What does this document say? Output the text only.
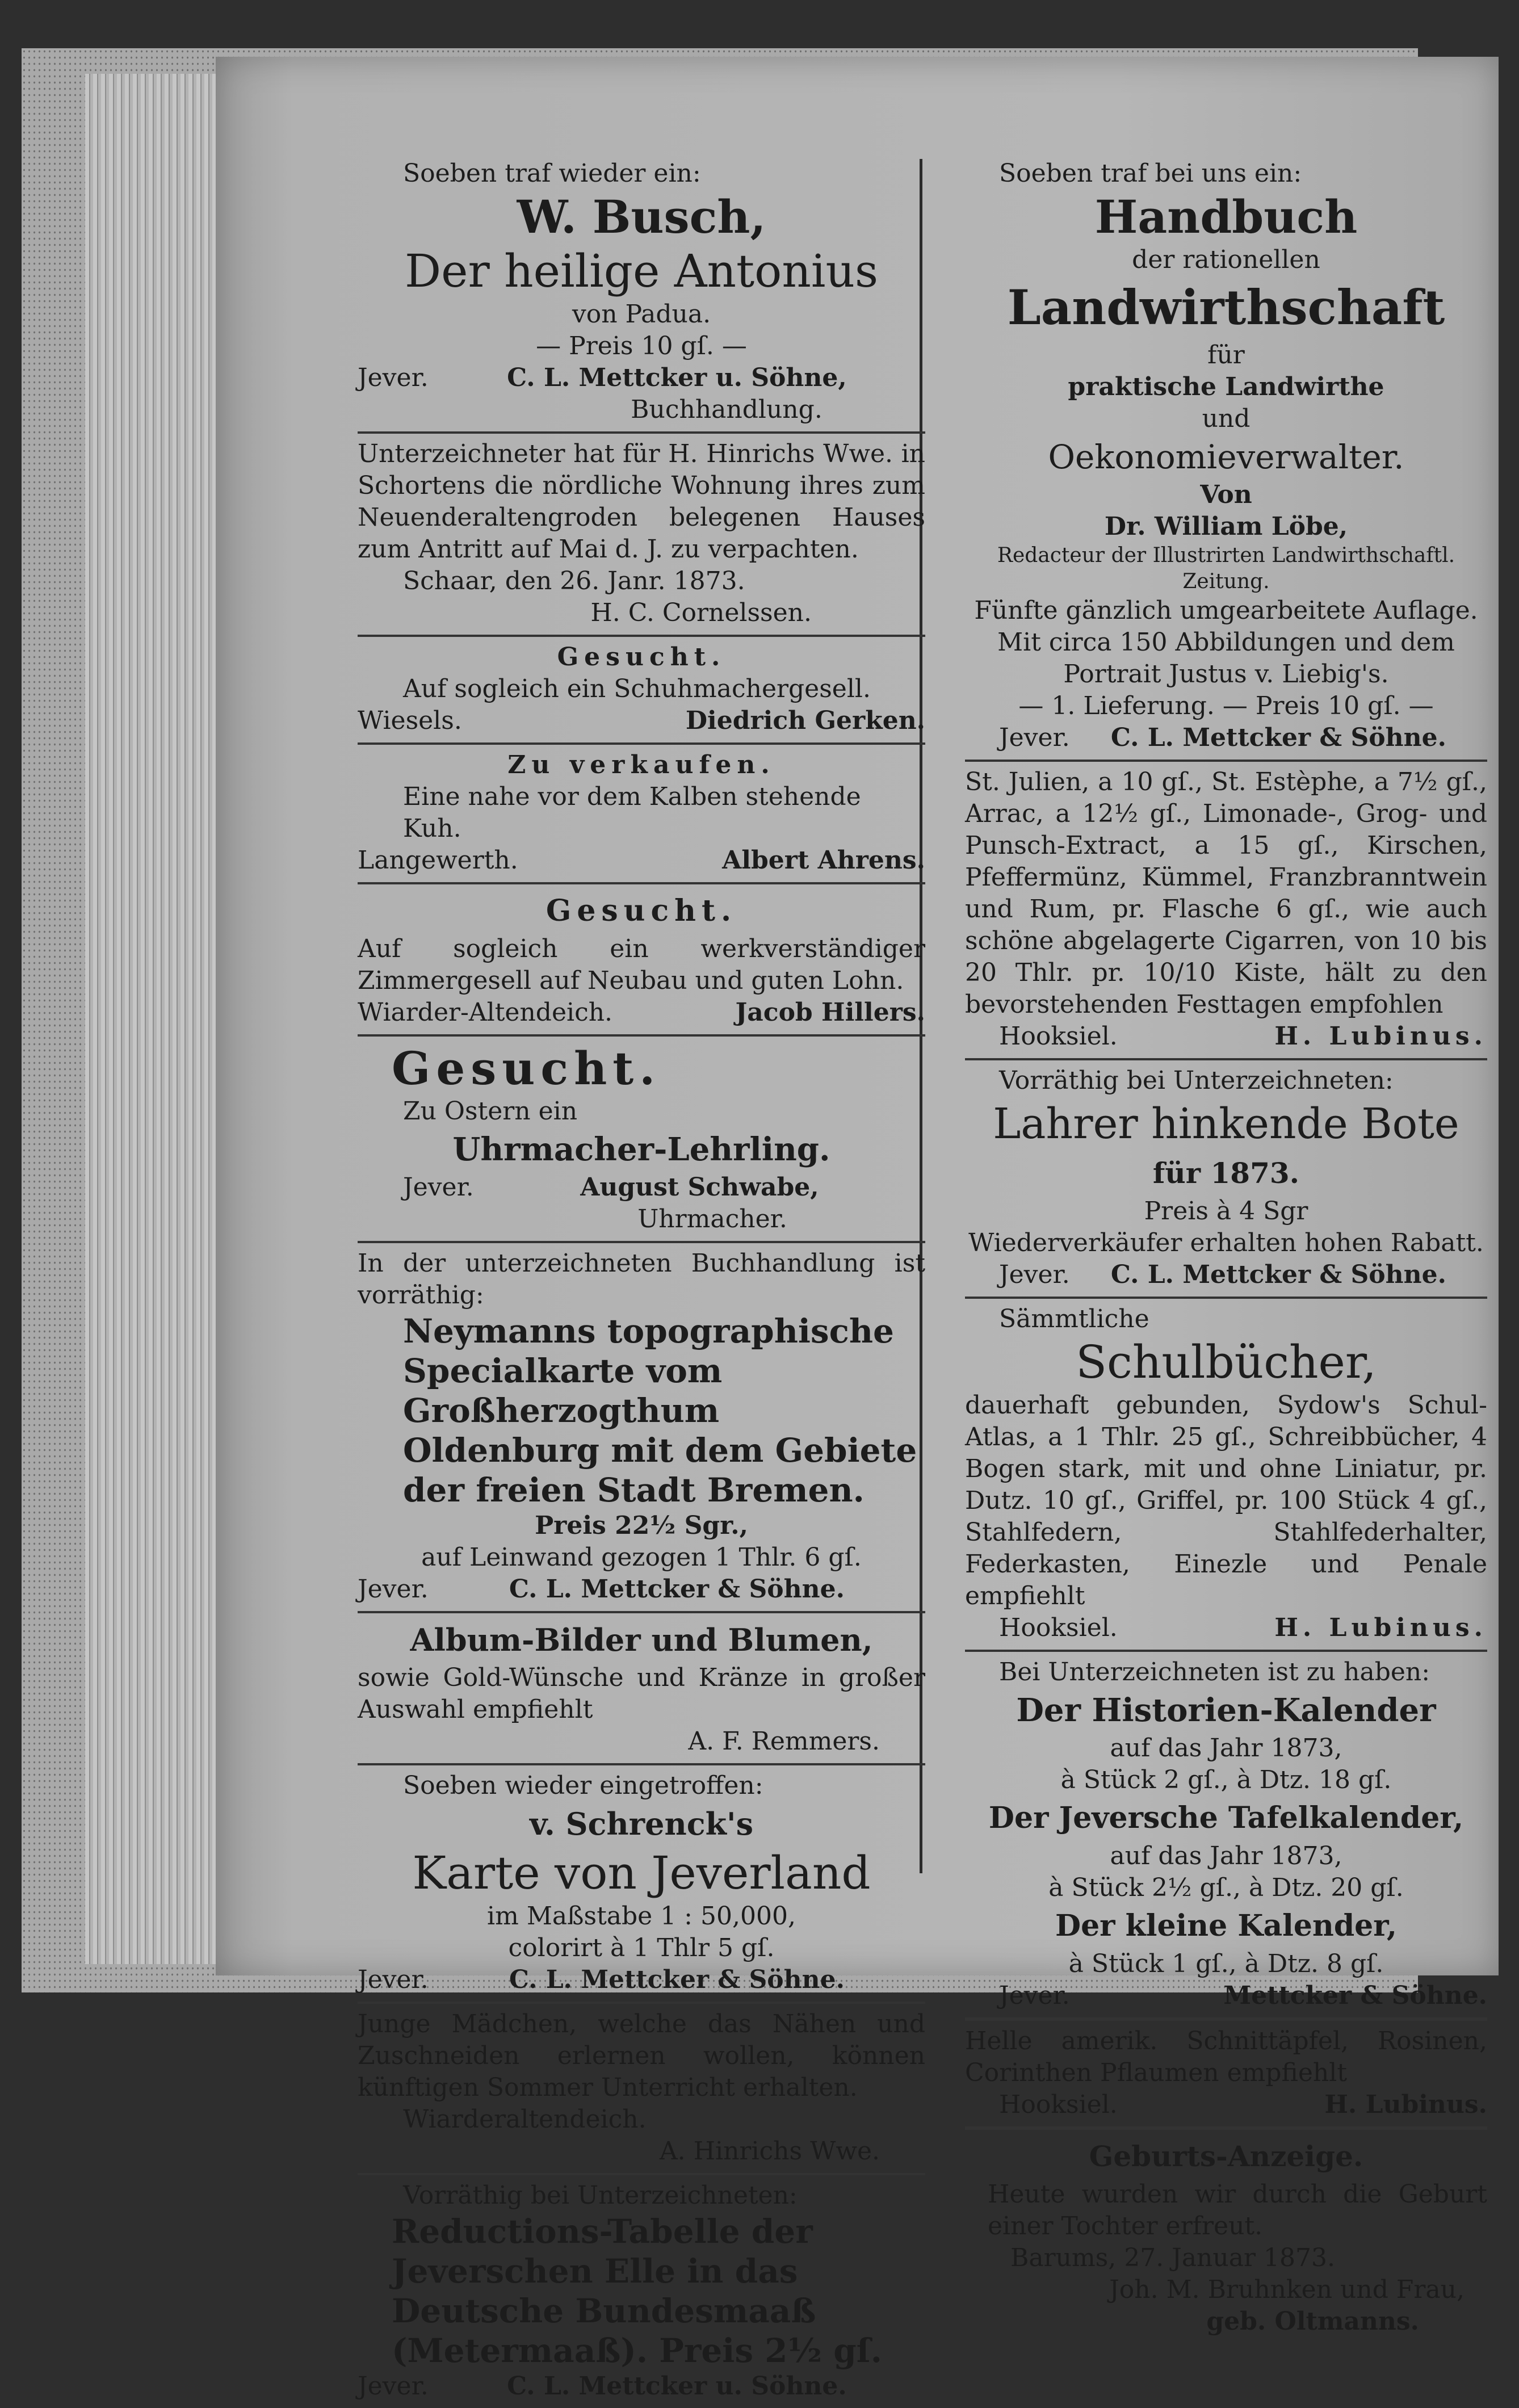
Soeben traf wieder ein:
W. Busch,
Der heilige Antonius
von Padua.
— Preis 10 gſ. —
Jever.	C. L. Mettcker u. Söhne,
Buchhandlung.
Unterzeichneter hat für H. Hinrichs Wwe. in Schortens die nördliche Wohnung ihres zum Neuenderaltengroden belegenen Hauses zum Antritt auf Mai d. J. zu verpachten.
Schaar, den 26. Janr. 1873.
H. C. Cornelssen.
Gesucht.
Auf sogleich ein Schuhmachergesell.
Wiesels.	Diedrich Gerken.
Zu verkaufen.
Eine nahe vor dem Kalben stehende Kuh.
Langewerth.	Albert Ahrens.
Gesucht.
Auf sogleich ein werkverständiger Zimmergesell auf Neubau und guten Lohn.
Wiarder-Altendeich.	Jacob Hillers.
Gesucht.
Zu Ostern ein
Uhrmacher-Lehrling.
Jever.	August Schwabe,
Uhrmacher.
In der unterzeichneten Buchhandlung ist vorräthig:
Neymanns topographische Specialkarte vom Großherzogthum Oldenburg mit dem Gebiete der freien Stadt Bremen.
Preis 22½ Sgr.,
auf Leinwand gezogen 1 Thlr. 6 gſ.
Jever.	C. L. Mettcker & Söhne.
Album-Bilder und Blumen,
sowie Gold-Wünsche und Kränze in großer Auswahl empfiehlt
A. F. Remmers.
Soeben wieder eingetroffen:
v. Schrenck's
Karte von Jeverland
im Maßstabe 1 : 50,000,
colorirt à 1 Thlr 5 gſ.
Jever.	C. L. Mettcker & Söhne.
Junge Mädchen, welche das Nähen und Zuschneiden erlernen wollen, können künftigen Sommer Unterricht erhalten.
Wiarderaltendeich.
A. Hinrichs Wwe.
Vorräthig bei Unterzeichneten:
Reductions-Tabelle der Jeverschen Elle in das Deutsche Bundesmaaß (Metermaaß). Preis 2½ gſ.
Jever.	C. L. Mettcker u. Söhne.
Soeben traf bei uns ein:
Handbuch
der rationellen
Landwirthschaft
für
praktische Landwirthe
und
Oekonomieverwalter.
Von
Dr. William Löbe,
Redacteur der Illustrirten Landwirthschaftl. Zeitung.
Fünfte gänzlich umgearbeitete Auflage.
Mit circa 150 Abbildungen und dem
Portrait Justus v. Liebig's.
— 1. Lieferung. — Preis 10 gſ. —
Jever.	C. L. Mettcker & Söhne.
St. Julien, a 10 gſ., St. Estèphe, a 7½ gſ., Arrac, a 12½ gſ., Limonade-, Grog- und Punsch-Extract, a 15 gſ., Kirschen, Pfeffermünz, Kümmel, Franzbranntwein und Rum, pr. Flasche 6 gſ., wie auch schöne abgelagerte Cigarren, von 10 bis 20 Thlr. pr. 10/10 Kiste, hält zu den bevorstehenden Festtagen empfohlen
Hooksiel.	H. Lubinus.
Vorräthig bei Unterzeichneten:
Lahrer hinkende Bote
für 1873.
Preis à 4 Sgr
Wiederverkäufer erhalten hohen Rabatt.
Jever.	C. L. Mettcker & Söhne.
Sämmtliche
Schulbücher,
dauerhaft gebunden, Sydow's Schul-Atlas, a 1 Thlr. 25 gſ., Schreibbücher, 4 Bogen stark, mit und ohne Liniatur, pr. Dutz. 10 gſ., Griffel, pr. 100 Stück 4 gſ., Stahlfedern, Stahlfederhalter, Federkasten, Einezle und Penale empfiehlt
Hooksiel.	H. Lubinus.
Bei Unterzeichneten ist zu haben:
Der Historien-Kalender
auf das Jahr 1873,
à Stück 2 gſ., à Dtz. 18 gſ.
Der Jeversche Tafelkalender,
auf das Jahr 1873,
à Stück 2½ gſ., à Dtz. 20 gſ.
Der kleine Kalender,
à Stück 1 gſ., à Dtz. 8 gſ.
Jever.	Mettcker & Söhne.
Helle amerik. Schnittäpfel, Rosinen, Corinthen Pflaumen empfiehlt
Hooksiel.	H. Lubinus.
Geburts-Anzeige.
Heute wurden wir durch die Geburt einer Tochter erfreut.
Barums, 27. Januar 1873.
Joh. M. Bruhnken und Frau,
geb. Oltmanns.
